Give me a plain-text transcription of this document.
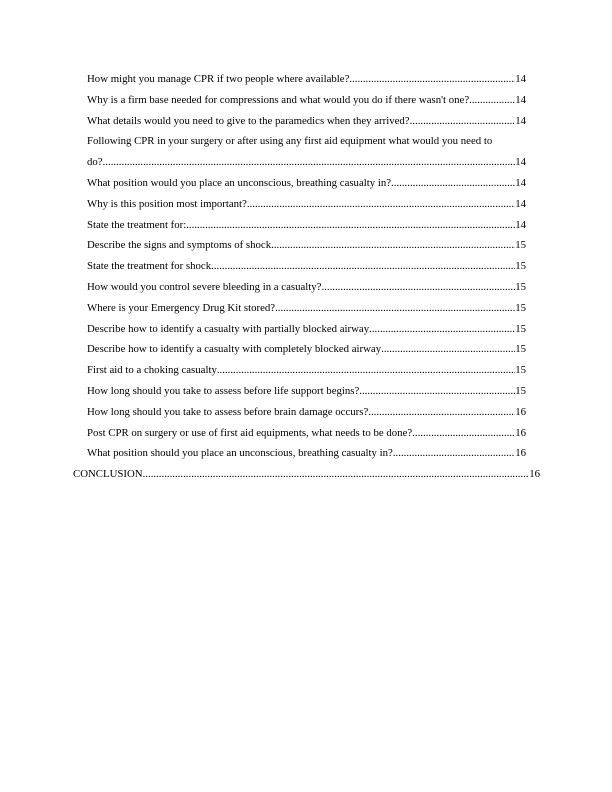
How might you manage CPR if two people where available? .....	14
Why is a firm base needed for compressions and what would you do if there wasn't one? .....	14
What details would you need to give to the paramedics when they arrived? .....	14
Following CPR in your surgery or after using any first aid equipment what would you need to
do? .....	14
What position would you place an unconscious, breathing casualty in? .....	14
Why is this position most important? .....	14
State the treatment for: .....	14
Describe the signs and symptoms of shock .....	15
State the treatment for shock .....	15
How would you control severe bleeding in a casualty? .....	15
Where is your Emergency Drug Kit stored? .....	15
Describe how to identify a casualty with partially blocked airway .....	15
Describe how to identify a casualty with completely blocked airway .....	15
First aid to a choking casualty .....	15
How long should you take to assess before life support begins? .....	15
How long should you take to assess before brain damage occurs? .....	16
Post CPR on surgery or use of first aid equipments, what needs to be done? .....	16
What position should you place an unconscious, breathing casualty in? .....	16
CONCLUSION .....	16
